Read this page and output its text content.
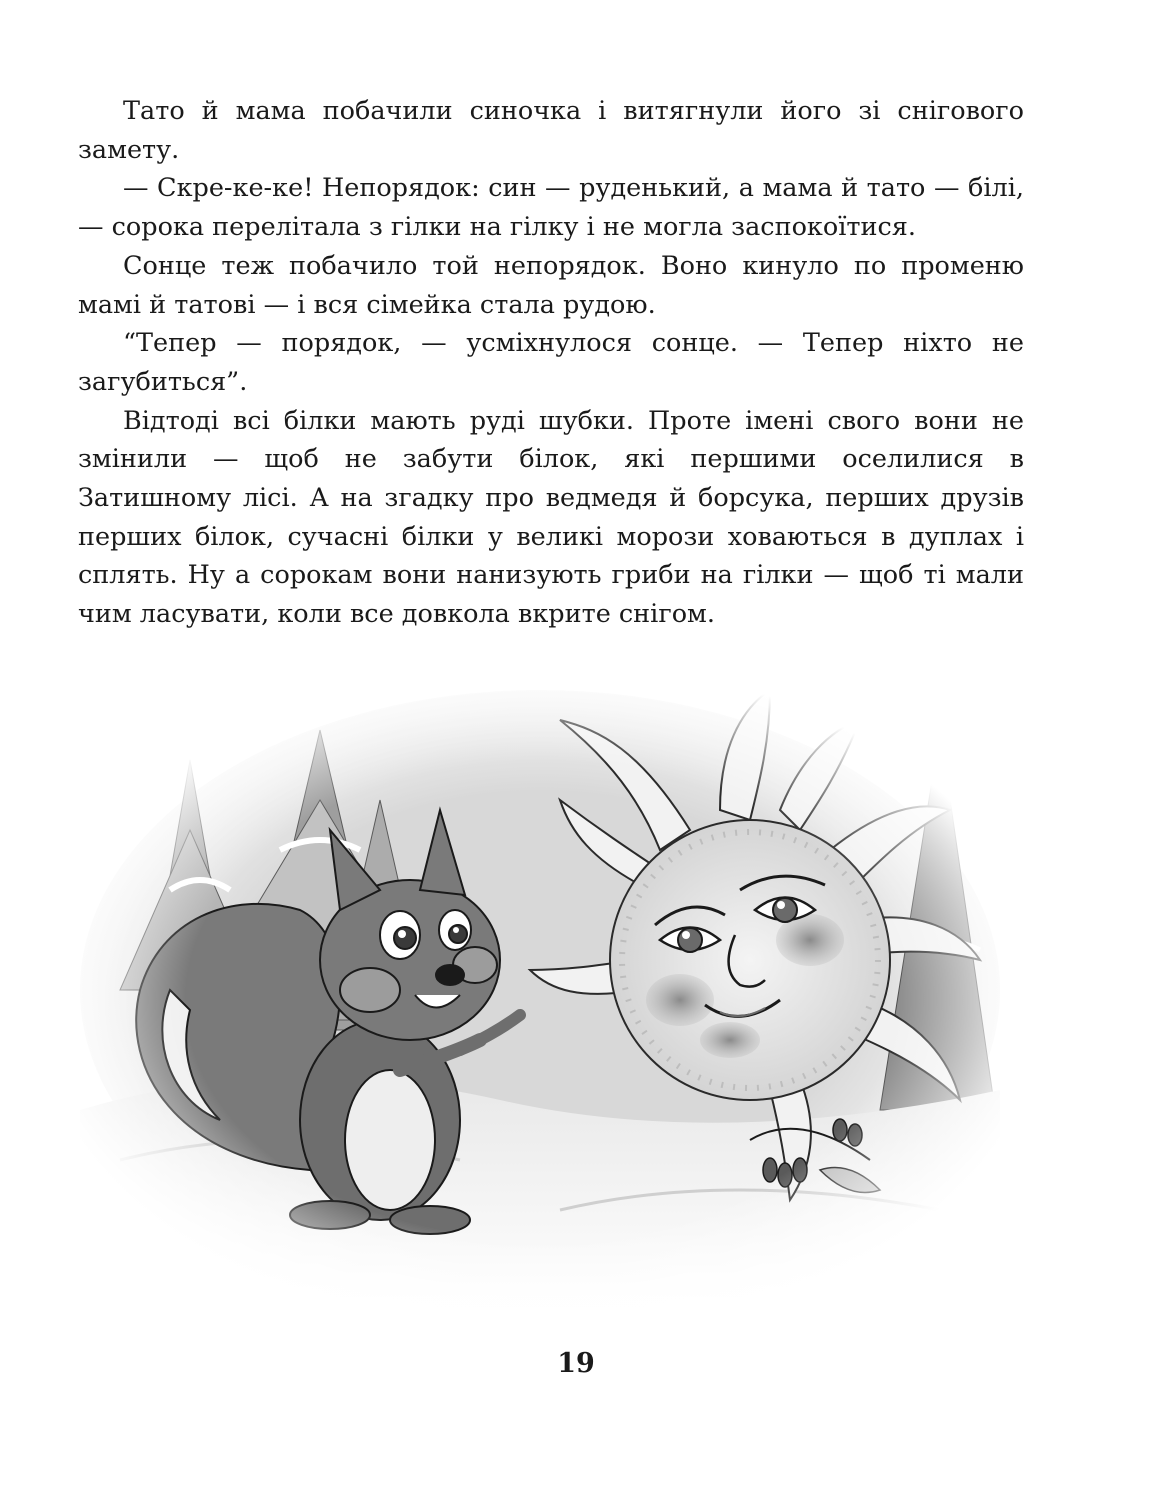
Тато й мама побачили синочка і витягнули його зі снігового замету.

— Скре-ке-ке! Непорядок: син — руденький, а мама й тато — білі, — сорока перелітала з гілки на гілку і не могла заспокоїтися.

Сонце теж побачило той непорядок. Воно кинуло по променю мамі й татові — і вся сімейка стала рудою.

“Тепер — порядок, — усміхнулося сонце. — Тепер ніхто не загубиться”.

Відтоді всі білки мають руді шубки. Проте імені свого вони не змінили — щоб не забути білок, які першими оселилися в Затишному лісі. А на згадку про ведмедя й борсука, перших друзів перших білок, сучасні білки у великі морози ховаються в дуплах і сплять. Ну а сорокам вони нанизують гриби на гілки — щоб ті мали чим ласувати, коли все довкола вкрите снігом.

19
